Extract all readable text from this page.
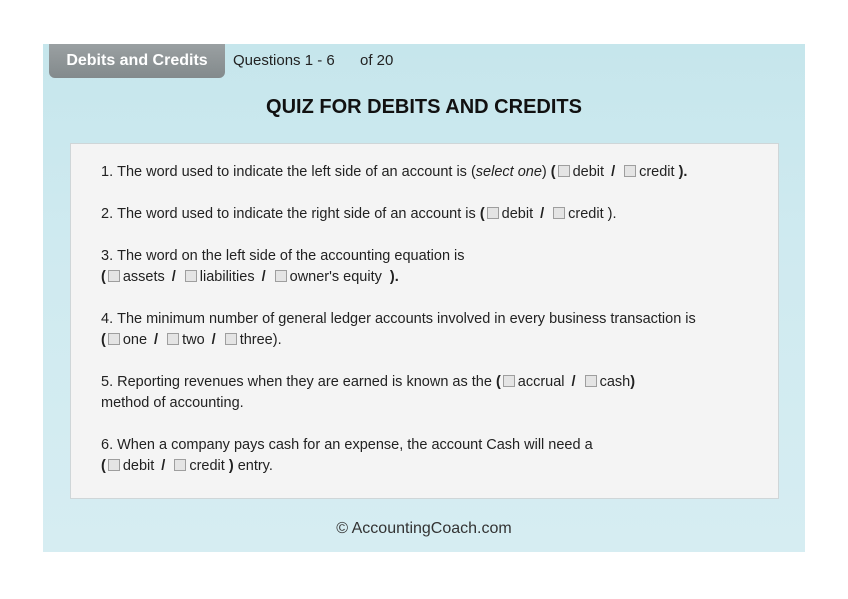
Debits and Credits	Questions 1 - 6 of 20
QUIZ FOR DEBITS AND CREDITS
1. The word used to indicate the left side of an account is (select one) ( debit / credit ).
2. The word used to indicate the right side of an account is ( debit / credit ).
3. The word on the left side of the accounting equation is
( assets / liabilities / owner's equity  ).
4. The minimum number of general ledger accounts involved in every business transaction is
( one / two / three).
5. Reporting revenues when they are earned is known as the ( accrual / cash)
method of accounting.
6. When a company pays cash for an expense, the account Cash will need a
( debit / credit ) entry.
© AccountingCoach.com
